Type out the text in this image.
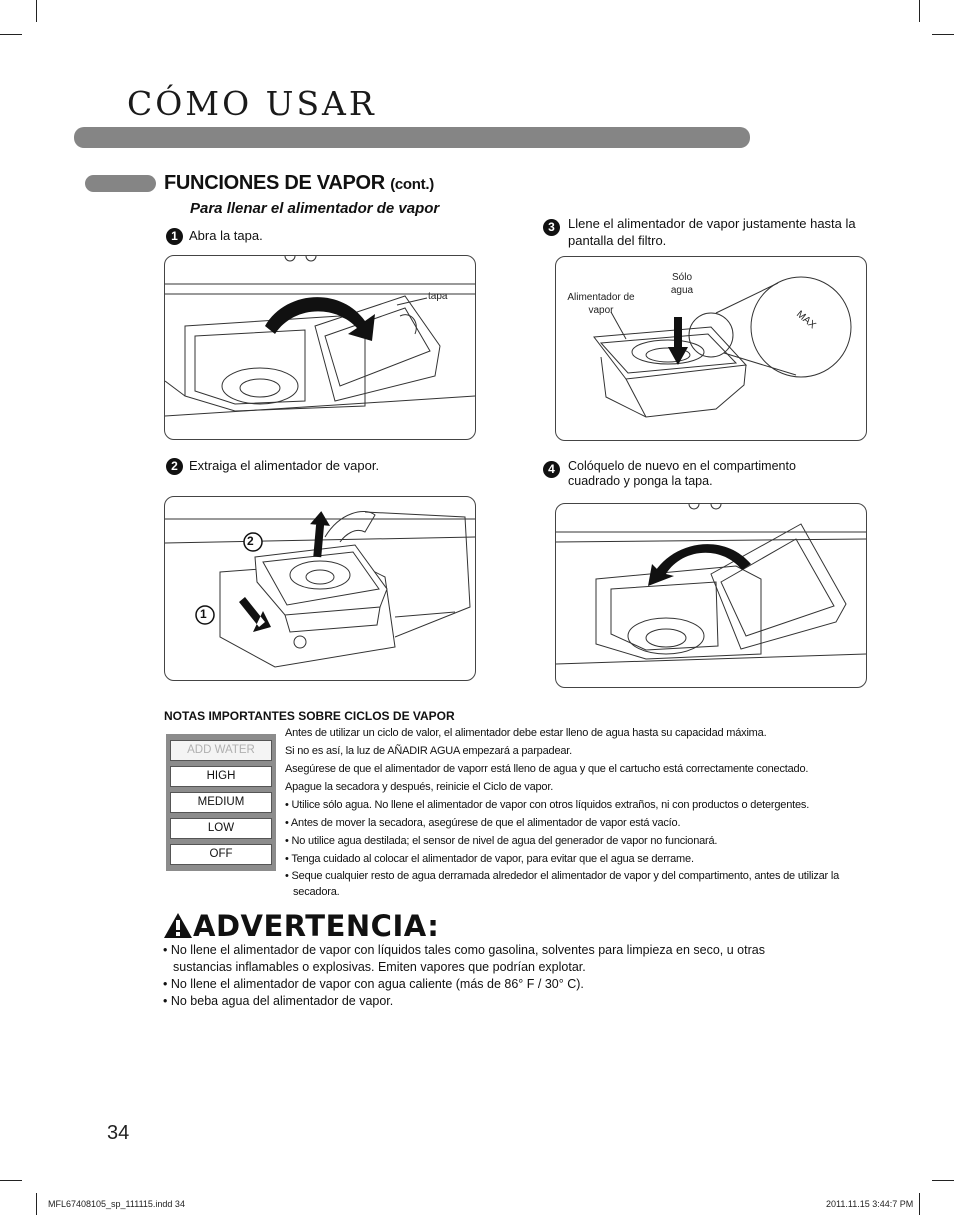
CÓMO USAR
FUNCIONES DE VAPOR (cont.)
Para llenar el alimentador de vapor
1 Abra la tapa.
tapa
2 Extraiga el alimentador de vapor.
2
1
3	Llene el alimentador de vapor justamente hasta la pantalla del filtro.
MAX
Alimentador de vapor
Sólo agua
4	Colóquelo de nuevo en el compartimento cuadrado y ponga la tapa.
NOTAS IMPORTANTES SOBRE CICLOS DE VAPOR
ADD WATER
HIGH
MEDIUM
LOW
OFF
Antes de utilizar un ciclo de valor, el alimentador debe estar lleno de agua hasta su capacidad máxima.
Si no es así, la luz de AÑADIR AGUA empezará a parpadear.
Asegúrese de que el alimentador de vaporr está lleno de agua y que el cartucho está correctamente conectado.
Apague la secadora y después, reinicie el Ciclo de vapor.
• Utilice sólo agua. No llene el alimentador de vapor con otros líquidos extraños, ni con productos o detergentes.
• Antes de mover la secadora, asegúrese de que el alimentador de vapor está vacío.
• No utilice agua destilada; el sensor de nivel de agua del generador de vapor no funcionará.
• Tenga cuidado al colocar el alimentador de vapor, para evitar que el agua se derrame.
• Seque cualquier resto de agua derramada alrededor el alimentador de vapor y del compartimento, antes de utilizar la secadora.
ADVERTENCIA:
• No llene el alimentador de vapor con líquidos tales como gasolina, solventes para limpieza en seco, u otras sustancias inflamables o explosivas. Emiten vapores que podrían explotar.
• No llene el alimentador de vapor con agua caliente (más de 86° F / 30° C).
• No beba agua del alimentador de vapor.
34
MFL67408105_sp_111115.indd 34	2011.11.15 3:44:7 PM
